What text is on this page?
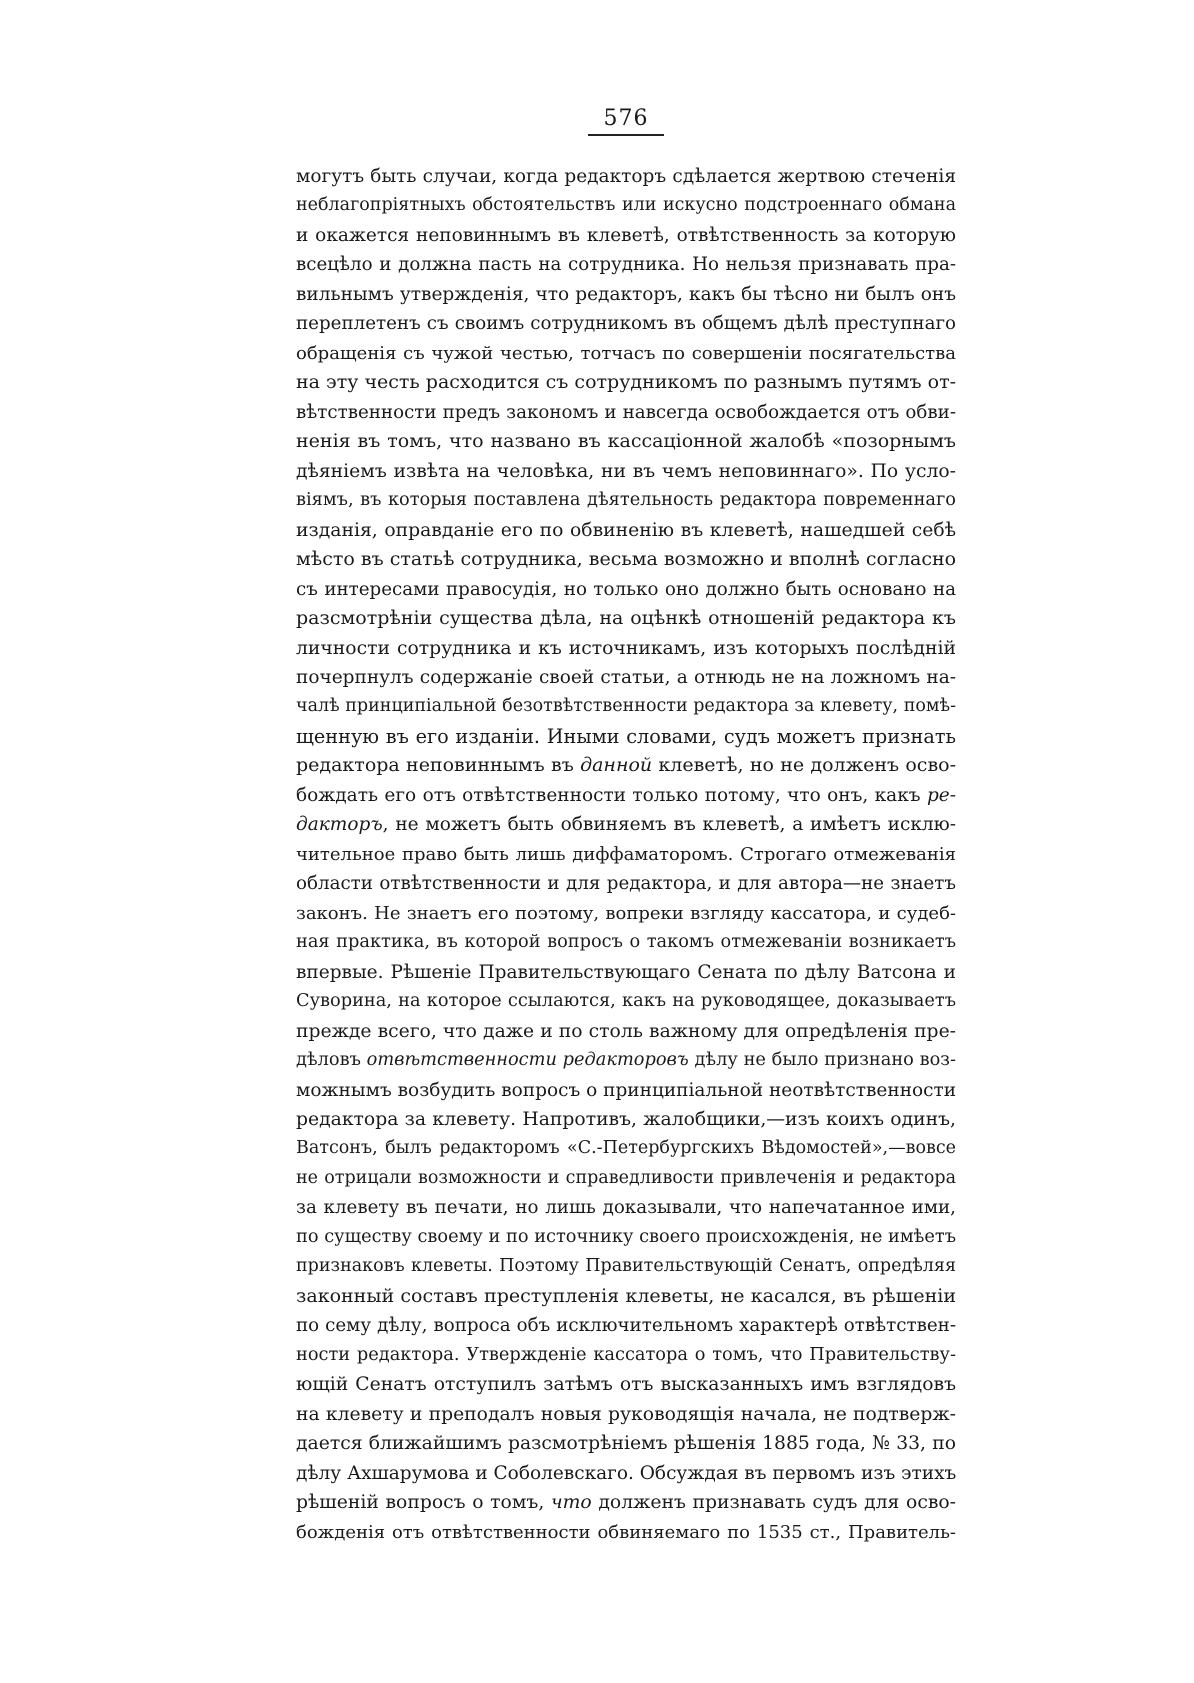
576
могутъ быть случаи, когда редакторъ сдѣлается жертвою стеченія
неблагопріятныхъ обстоятельствъ или искусно подстроеннаго обмана
и окажется неповиннымъ въ клеветѣ, отвѣтственность за которую
всецѣло и должна пасть на сотрудника. Но нельзя признавать пра-
вильнымъ утвержденія, что редакторъ, какъ бы тѣсно ни былъ онъ
переплетенъ съ своимъ сотрудникомъ въ общемъ дѣлѣ преступнаго
обращенія съ чужой честью, тотчасъ по совершеніи посягательства
на эту честь расходится съ сотрудникомъ по разнымъ путямъ от-
вѣтственности предъ закономъ и навсегда освобождается отъ обви-
ненія въ томъ, что названо въ кассаціонной жалобѣ «позорнымъ
дѣяніемъ извѣта на человѣка, ни въ чемъ неповиннаго». По усло-
віямъ, въ которыя поставлена дѣятельность редактора повременнаго
изданія, оправданіе его по обвиненію въ клеветѣ, нашедшей себѣ
мѣсто въ статьѣ сотрудника, весьма возможно и вполнѣ согласно
съ интересами правосудія, но только оно должно быть основано на
разсмотрѣніи существа дѣла, на оцѣнкѣ отношеній редактора къ
личности сотрудника и къ источникамъ, изъ которыхъ послѣдній
почерпнулъ содержаніе своей статьи, а отнюдь не на ложномъ на-
чалѣ принципіальной безотвѣтственности редактора за клевету, помѣ-
щенную въ его изданіи. Иными словами, судъ можетъ признать
редактора неповиннымъ въ данной клеветѣ, но не долженъ осво-
бождать его отъ отвѣтственности только потому, что онъ, какъ ре-
дакторъ, не можетъ быть обвиняемъ въ клеветѣ, а имѣетъ исклю-
чительное право быть лишь диффаматоромъ. Строгаго отмежеванія
области отвѣтственности и для редактора, и для автора—не знаетъ
законъ. Не знаетъ его поэтому, вопреки взгляду кассатора, и судеб-
ная практика, въ которой вопросъ о такомъ отмежеваніи возникаетъ
впервые. Рѣшеніе Правительствующаго Сената по дѣлу Ватсона и
Суворина, на которое ссылаются, какъ на руководящее, доказываетъ
прежде всего, что даже и по столь важному для опредѣленія пре-
дѣловъ отвѣтственности редакторовъ дѣлу не было признано воз-
можнымъ возбудить вопросъ о принципіальной неотвѣтственности
редактора за клевету. Напротивъ, жалобщики,—изъ коихъ одинъ,
Ватсонъ, былъ редакторомъ «С.-Петербургскихъ Вѣдомостей»,—вовсе
не отрицали возможности и справедливости привлеченія и редактора
за клевету въ печати, но лишь доказывали, что напечатанное ими,
по существу своему и по источнику своего происхожденія, не имѣетъ
признаковъ клеветы. Поэтому Правительствующій Сенатъ, опредѣляя
законный составъ преступленія клеветы, не касался, въ рѣшеніи
по сему дѣлу, вопроса объ исключительномъ характерѣ отвѣтствен-
ности редактора. Утвержденіе кассатора о томъ, что Правительству-
ющій Сенатъ отступилъ затѣмъ отъ высказанныхъ имъ взглядовъ
на клевету и преподалъ новыя руководящія начала, не подтверж-
дается ближайшимъ разсмотрѣніемъ рѣшенія 1885 года, № 33, по
дѣлу Ахшарумова и Соболевскаго. Обсуждая въ первомъ изъ этихъ
рѣшеній вопросъ о томъ, что долженъ признавать судъ для осво-
божденія отъ отвѣтственности обвиняемаго по 1535 ст., Правитель-
